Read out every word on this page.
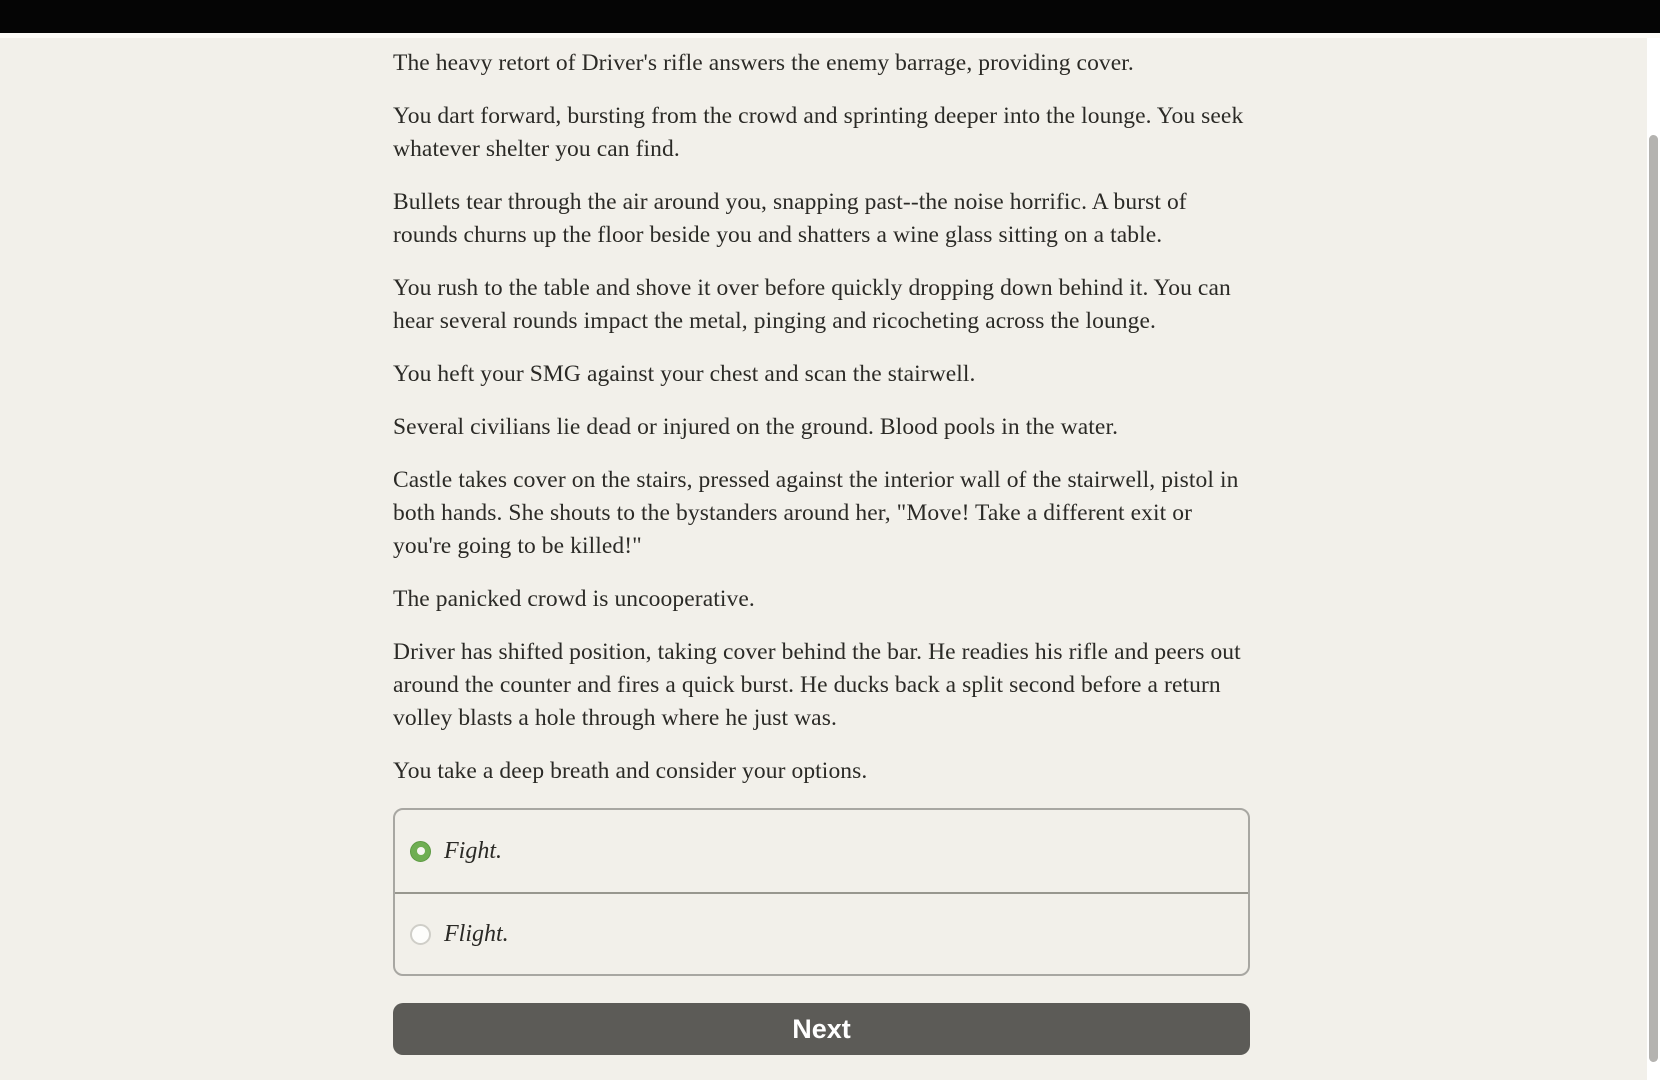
The heavy retort of Driver's rifle answers the enemy barrage, providing cover.

You dart forward, bursting from the crowd and sprinting deeper into the lounge. You seek whatever shelter you can find.

Bullets tear through the air around you, snapping past--the noise horrific. A burst of rounds churns up the floor beside you and shatters a wine glass sitting on a table.

You rush to the table and shove it over before quickly dropping down behind it. You can hear several rounds impact the metal, pinging and ricocheting across the lounge.

You heft your SMG against your chest and scan the stairwell.

Several civilians lie dead or injured on the ground. Blood pools in the water.

Castle takes cover on the stairs, pressed against the interior wall of the stairwell, pistol in both hands. She shouts to the bystanders around her, "Move! Take a different exit or you're going to be killed!"

The panicked crowd is uncooperative.

Driver has shifted position, taking cover behind the bar. He readies his rifle and peers out around the counter and fires a quick burst. He ducks back a split second before a return volley blasts a hole through where he just was.

You take a deep breath and consider your options.

Fight.
Flight.
Next
